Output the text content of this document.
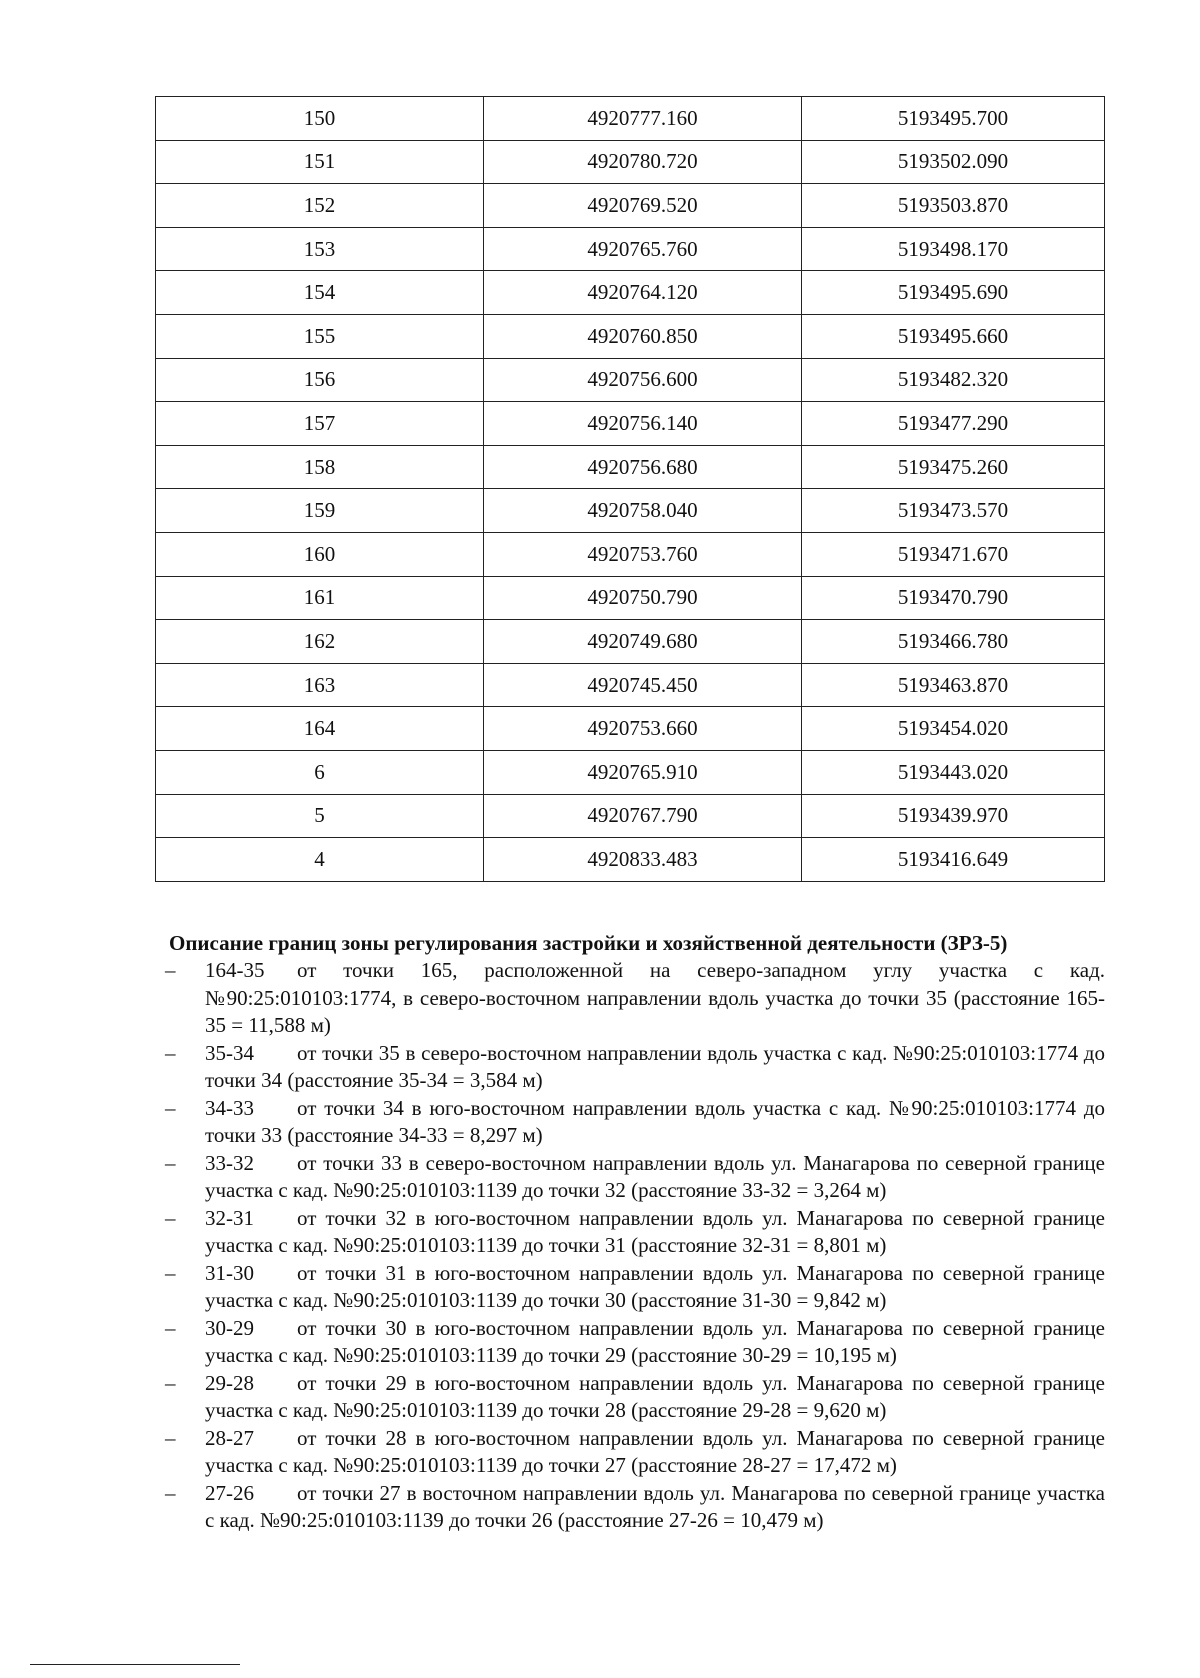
150	4920777.160	5193495.700
151	4920780.720	5193502.090
152	4920769.520	5193503.870
153	4920765.760	5193498.170
154	4920764.120	5193495.690
155	4920760.850	5193495.660
156	4920756.600	5193482.320
157	4920756.140	5193477.290
158	4920756.680	5193475.260
159	4920758.040	5193473.570
160	4920753.760	5193471.670
161	4920750.790	5193470.790
162	4920749.680	5193466.780
163	4920745.450	5193463.870
164	4920753.660	5193454.020
6	4920765.910	5193443.020
5	4920767.790	5193439.970
4	4920833.483	5193416.649

Описание границ зоны регулирования застройки и хозяйственной деятельности (ЗРЗ-5)

–	164-35 от точки 165, расположенной на северо-западном углу участка с кад. №90:25:010103:1774, в северо-восточном направлении вдоль участка до точки 35 (расстояние 165-35 = 11,588 м)
–	35-34 от точки 35 в северо-восточном направлении вдоль участка с кад. №90:25:010103:1774 до точки 34 (расстояние 35-34 = 3,584 м)
–	34-33 от точки 34 в юго-восточном направлении вдоль участка с кад. №90:25:010103:1774 до точки 33 (расстояние 34-33 = 8,297 м)
–	33-32 от точки 33 в северо-восточном направлении вдоль ул. Манагарова по северной границе участка с кад. №90:25:010103:1139 до точки 32 (расстояние 33-32 = 3,264 м)
–	32-31 от точки 32 в юго-восточном направлении вдоль ул. Манагарова по северной границе участка с кад. №90:25:010103:1139 до точки 31 (расстояние 32-31 = 8,801 м)
–	31-30 от точки 31 в юго-восточном направлении вдоль ул. Манагарова по северной границе участка с кад. №90:25:010103:1139 до точки 30 (расстояние 31-30 = 9,842 м)
–	30-29 от точки 30 в юго-восточном направлении вдоль ул. Манагарова по северной границе участка с кад. №90:25:010103:1139 до точки 29 (расстояние 30-29 = 10,195 м)
–	29-28 от точки 29 в юго-восточном направлении вдоль ул. Манагарова по северной границе участка с кад. №90:25:010103:1139 до точки 28 (расстояние 29-28 = 9,620 м)
–	28-27 от точки 28 в юго-восточном направлении вдоль ул. Манагарова по северной границе участка с кад. №90:25:010103:1139 до точки 27 (расстояние 28-27 = 17,472 м)
–	27-26 от точки 27 в восточном направлении вдоль ул. Манагарова по северной границе участка с кад. №90:25:010103:1139 до точки 26 (расстояние 27-26 = 10,479 м)
